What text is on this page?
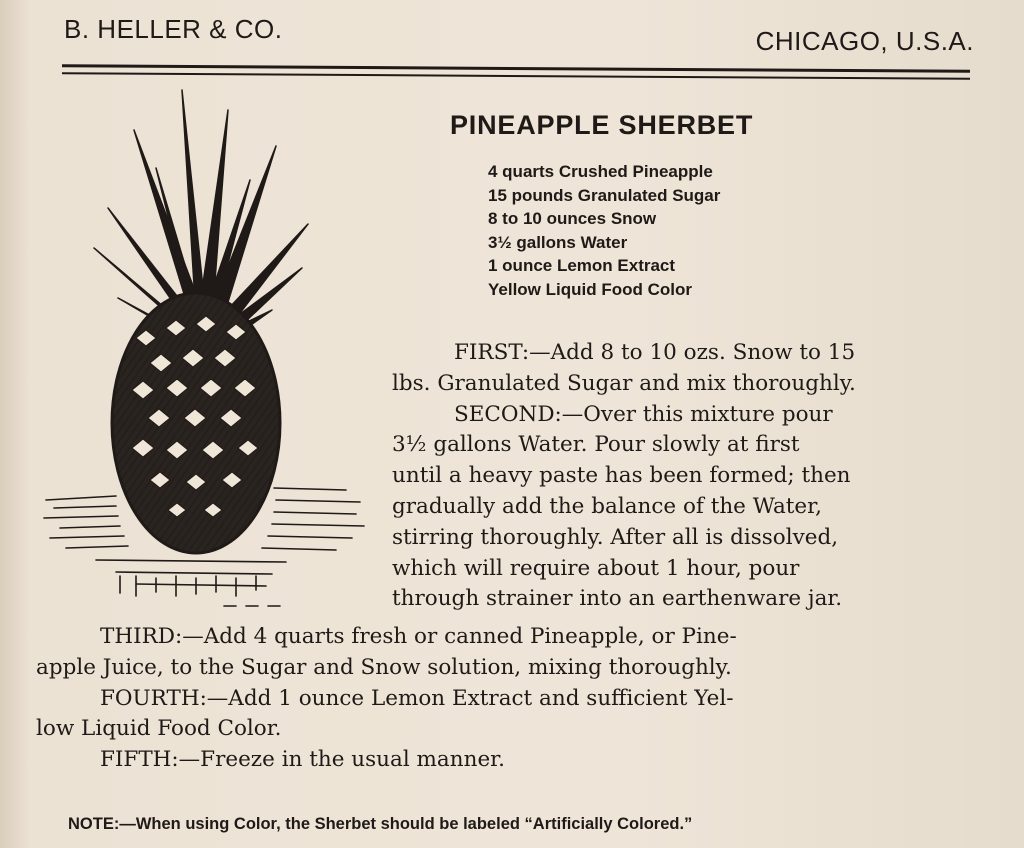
B. HELLER & CO.	CHICAGO, U.S.A.
PINEAPPLE SHERBET
4 quarts Crushed Pineapple
15 pounds Granulated Sugar
8 to 10 ounces Snow
3½ gallons Water
1 ounce Lemon Extract
Yellow Liquid Food Color
FIRST:—Add 8 to 10 ozs. Snow to 15
lbs. Granulated Sugar and mix thoroughly.
SECOND:—Over this mixture pour
3½ gallons Water. Pour slowly at first
until a heavy paste has been formed; then
gradually add the balance of the Water,
stirring thoroughly. After all is dissolved,
which will require about 1 hour, pour
through strainer into an earthenware jar.
THIRD:—Add 4 quarts fresh or canned Pineapple, or Pine-
apple Juice, to the Sugar and Snow solution, mixing thoroughly.
FOURTH:—Add 1 ounce Lemon Extract and sufficient Yel-
low Liquid Food Color.
FIFTH:—Freeze in the usual manner.
NOTE:—When using Color, the Sherbet should be labeled “Artificially Colored.”
